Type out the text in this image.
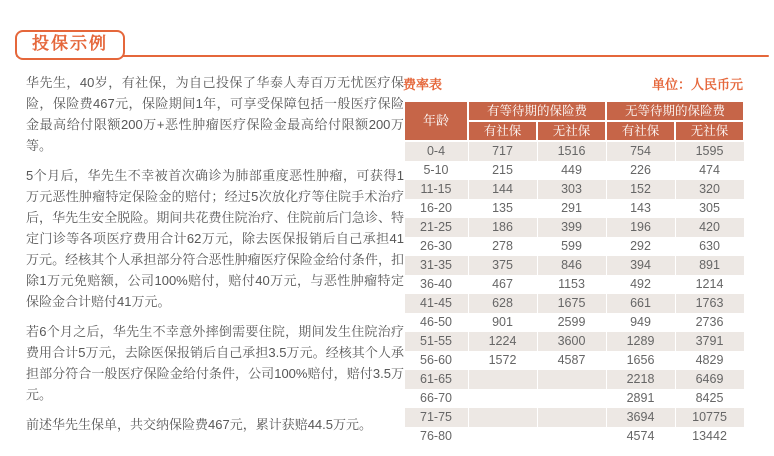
投保示例

华先生，40岁，有社保，为自己投保了华泰人寿百万无忧医疗保险，保险费467元，保险期间1年，可享受保障包括一般医疗保险金最高给付限额200万+恶性肿瘤医疗保险金最高给付限额200万等。

5个月后，华先生不幸被首次确诊为肺部重度恶性肿瘤，可获得1万元恶性肿瘤特定保险金的赔付；经过5次放化疗等住院手术治疗后，华先生安全脱险。期间共花费住院治疗、住院前后门急诊、特定门诊等各项医疗费用合计62万元，除去医保报销后自己承担41万元。经核其个人承担部分符合恶性肿瘤医疗保险金给付条件，扣除1万元免赔额，公司100%赔付，赔付40万元，与恶性肿瘤特定保险金合计赔付41万元。

若6个月之后，华先生不幸意外摔倒需要住院，期间发生住院治疗费用合计5万元，去除医保报销后自己承担3.5万元。经核其个人承担部分符合一般医疗保险金给付条件，公司100%赔付，赔付3.5万元。

前述华先生保单，共交纳保险费467元，累计获赔44.5万元。

费率表	单位：人民币元
年龄	有等待期的保险费		无等待期的保险费	
	有社保	无社保	有社保	无社保
0-4	717	1516	754	1595
5-10	215	449	226	474
11-15	144	303	152	320
16-20	135	291	143	305
21-25	186	399	196	420
26-30	278	599	292	630
31-35	375	846	394	891
36-40	467	1153	492	1214
41-45	628	1675	661	1763
46-50	901	2599	949	2736
51-55	1224	3600	1289	3791
56-60	1572	4587	1656	4829
61-65			2218	6469
66-70			2891	8425
71-75			3694	10775
76-80			4574	13442
